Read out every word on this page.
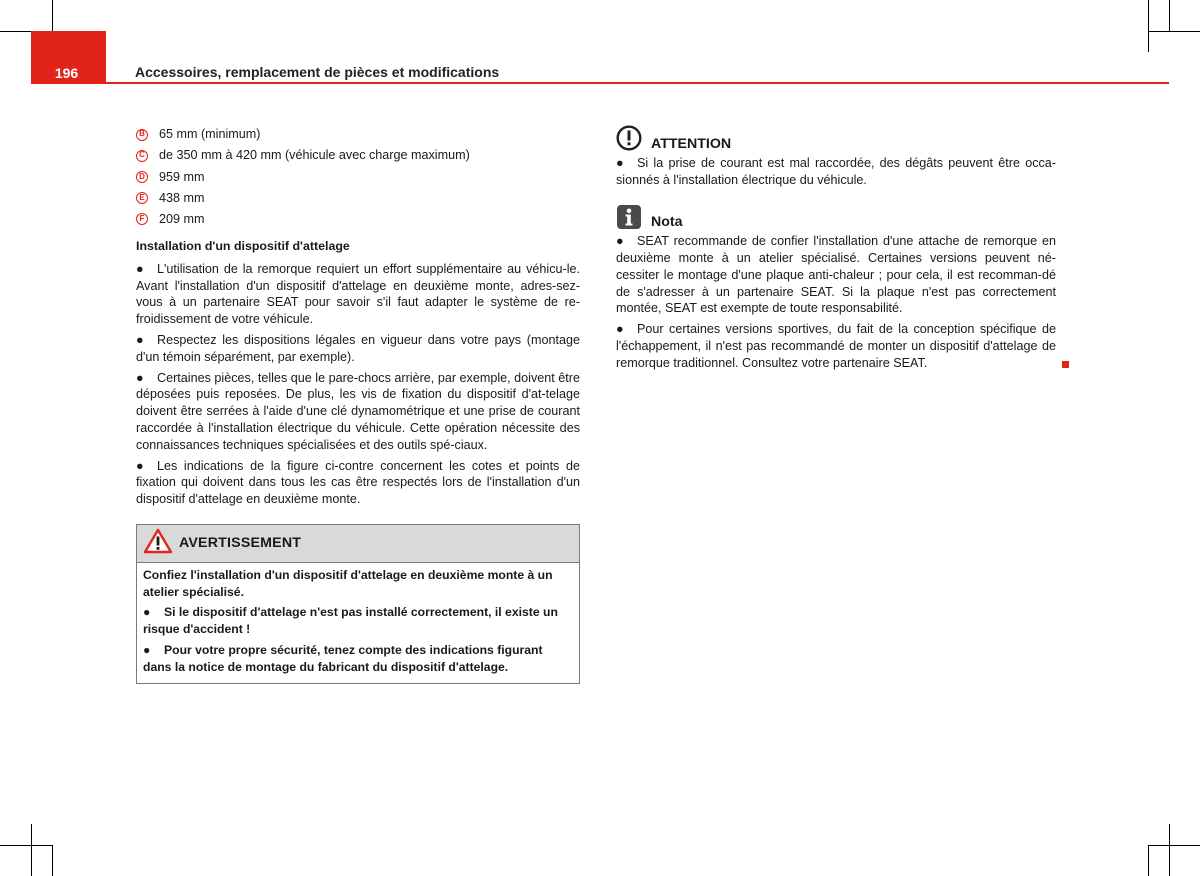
196	Accessoires, remplacement de pièces et modifications
B 65 mm (minimum)
C de 350 mm à 420 mm (véhicule avec charge maximum)
D 959 mm
E 438 mm
F 209 mm
Installation d'un dispositif d'attelage

● L'utilisation de la remorque requiert un effort supplémentaire au véhicu-le. Avant l'installation d'un dispositif d'attelage en deuxième monte, adres-sez-vous à un partenaire SEAT pour savoir s'il faut adapter le système de re-froidissement de votre véhicule.

● Respectez les dispositions légales en vigueur dans votre pays (montage d'un témoin séparément, par exemple).

● Certaines pièces, telles que le pare-chocs arrière, par exemple, doivent être déposées puis reposées. De plus, les vis de fixation du dispositif d'at-telage doivent être serrées à l'aide d'une clé dynamométrique et une prise de courant raccordée à l'installation électrique du véhicule. Cette opération nécessite des connaissances techniques spécialisées et des outils spé-ciaux.

● Les indications de la figure ci-contre concernent les cotes et points de fixation qui doivent dans tous les cas être respectés lors de l'installation d'un dispositif d'attelage en deuxième monte.

AVERTISSEMENT

Confiez l'installation d'un dispositif d'attelage en deuxième monte à un atelier spécialisé.

● Si le dispositif d'attelage n'est pas installé correctement, il existe un risque d'accident !

● Pour votre propre sécurité, tenez compte des indications figurant dans la notice de montage du fabricant du dispositif d'attelage.

ATTENTION

● Si la prise de courant est mal raccordée, des dégâts peuvent être occa-sionnés à l'installation électrique du véhicule.

Nota

● SEAT recommande de confier l'installation d'une attache de remorque en deuxième monte à un atelier spécialisé. Certaines versions peuvent né-cessiter le montage d'une plaque anti-chaleur ; pour cela, il est recomman-dé de s'adresser à un partenaire SEAT. Si la plaque n'est pas correctement montée, SEAT est exempte de toute responsabilité.

● Pour certaines versions sportives, du fait de la conception spécifique de l'échappement, il n'est pas recommandé de monter un dispositif d'attelage de remorque traditionnel. Consultez votre partenaire SEAT.
